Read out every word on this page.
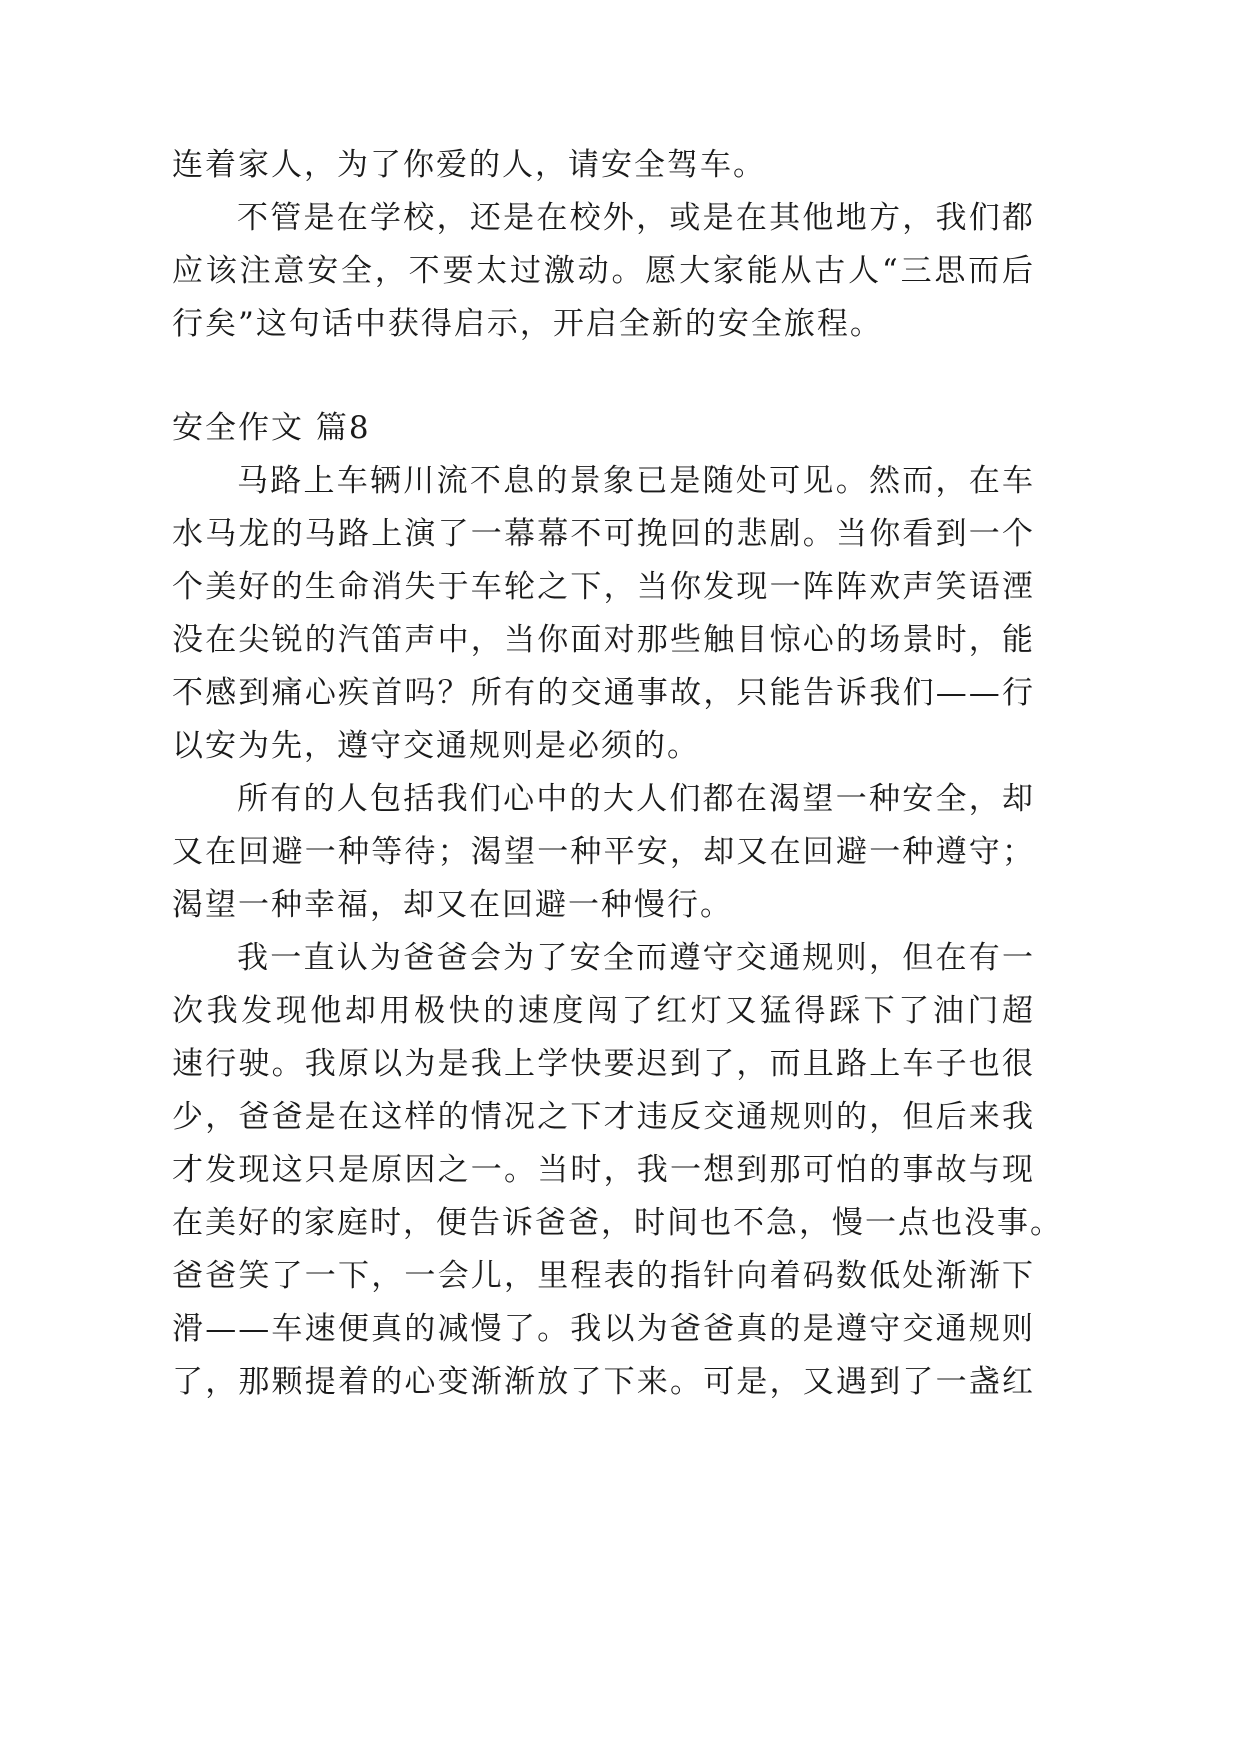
连着家人，为了你爱的人，请安全驾车。

不管是在学校，还是在校外，或是在其他地方，我们都

应该注意安全，不要太过激动。愿大家能从古人“三思而后

行矣”这句话中获得启示，开启全新的安全旅程。

安全作文 篇8

马路上车辆川流不息的景象已是随处可见。然而，在车

水马龙的马路上演了一幕幕不可挽回的悲剧。当你看到一个

个美好的生命消失于车轮之下，当你发现一阵阵欢声笑语湮

没在尖锐的汽笛声中，当你面对那些触目惊心的场景时，能

不感到痛心疾首吗？所有的交通事故，只能告诉我们——行

以安为先，遵守交通规则是必须的。

所有的人包括我们心中的大人们都在渴望一种安全，却

又在回避一种等待；渴望一种平安，却又在回避一种遵守；

渴望一种幸福，却又在回避一种慢行。

我一直认为爸爸会为了安全而遵守交通规则，但在有一

次我发现他却用极快的速度闯了红灯又猛得踩下了油门超

速行驶。我原以为是我上学快要迟到了，而且路上车子也很

少，爸爸是在这样的情况之下才违反交通规则的，但后来我

才发现这只是原因之一。当时，我一想到那可怕的事故与现

在美好的家庭时，便告诉爸爸，时间也不急，慢一点也没事。

爸爸笑了一下，一会儿，里程表的指针向着码数低处渐渐下

滑——车速便真的减慢了。我以为爸爸真的是遵守交通规则

了，那颗提着的心变渐渐放了下来。可是，又遇到了一盏红
